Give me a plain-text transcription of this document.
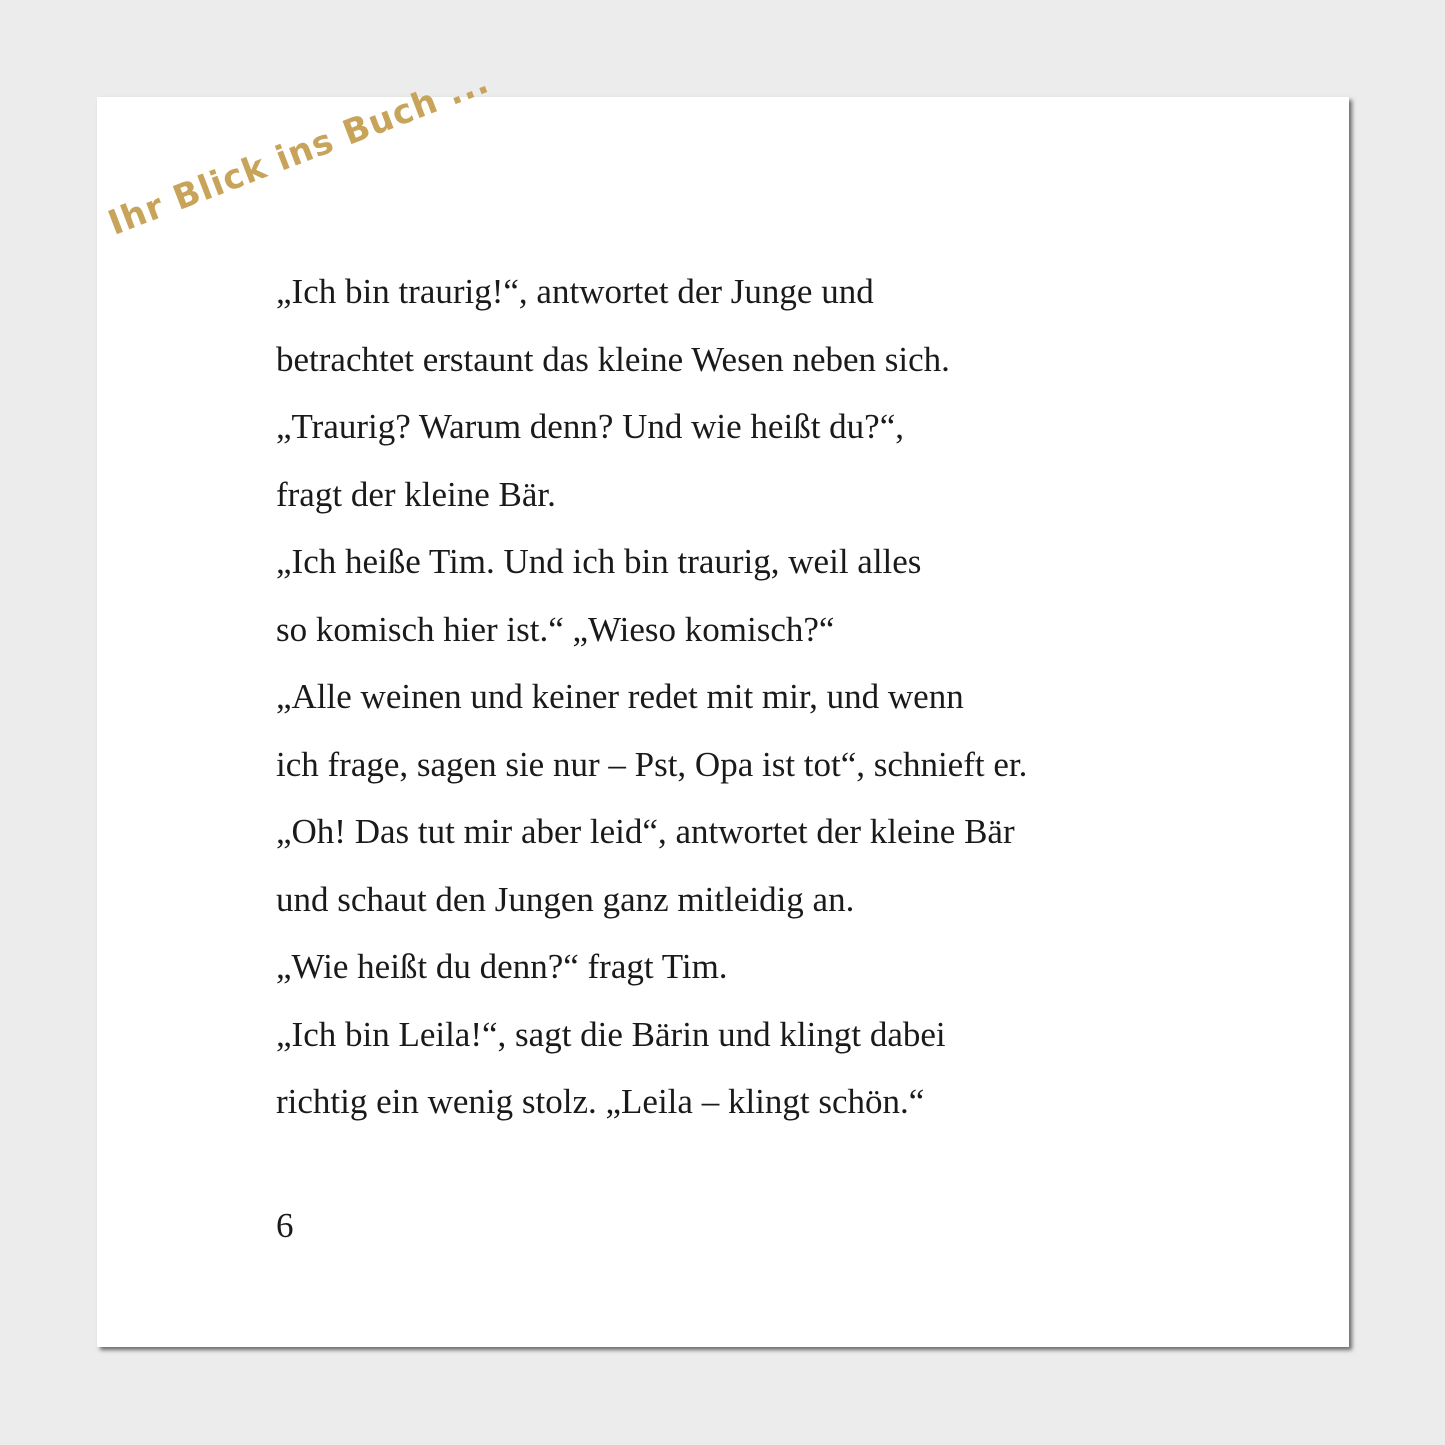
Ihr Blick ins Buch ...
„Ich bin traurig!“, antwortet der Junge und
betrachtet erstaunt das kleine Wesen neben sich.
„Traurig? Warum denn? Und wie heißt du?“,
fragt der kleine Bär.
„Ich heiße Tim. Und ich bin traurig, weil alles
so komisch hier ist.“ „Wieso komisch?“
„Alle weinen und keiner redet mit mir, und wenn
ich frage, sagen sie nur – Pst, Opa ist tot“, schnieft er.
„Oh! Das tut mir aber leid“, antwortet der kleine Bär
und schaut den Jungen ganz mitleidig an.
„Wie heißt du denn?“ fragt Tim.
„Ich bin Leila!“, sagt die Bärin und klingt dabei
richtig ein wenig stolz. „Leila – klingt schön.“
6
